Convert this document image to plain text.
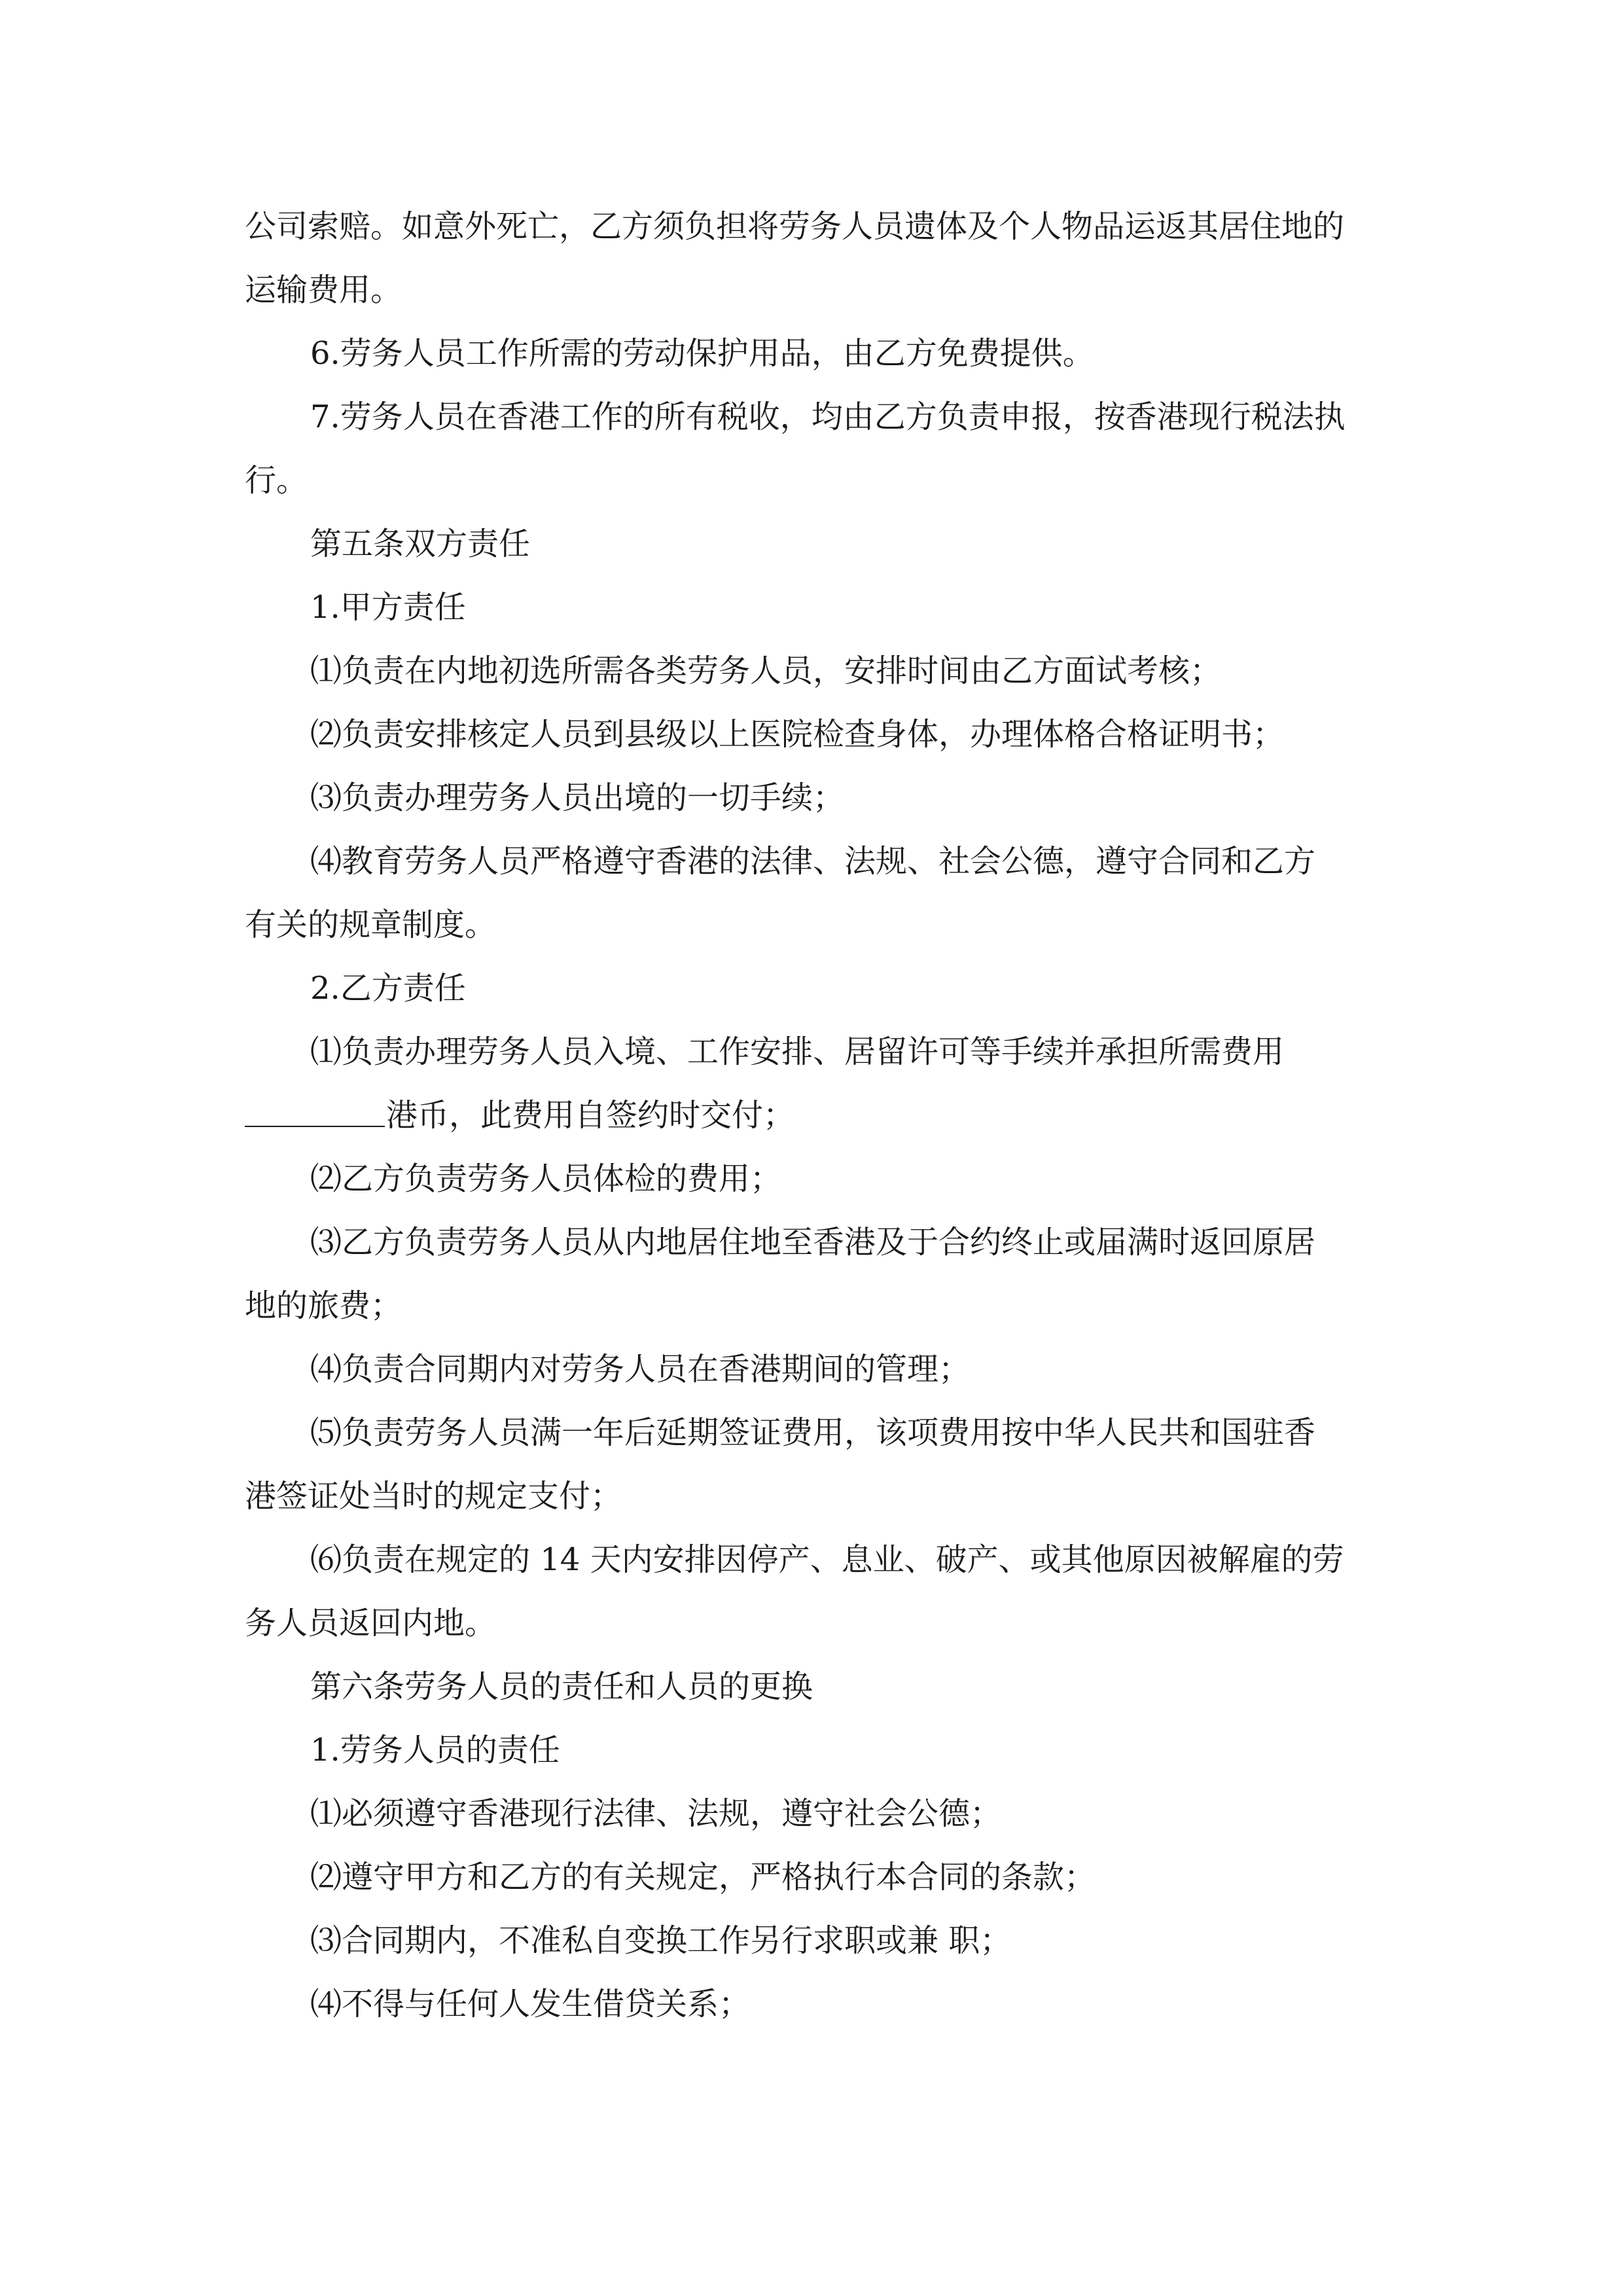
公司索赔。如意外死亡，乙方须负担将劳务人员遗体及个人物品运返其居住地的
运输费用。
6.劳务人员工作所需的劳动保护用品，由乙方免费提供。
7.劳务人员在香港工作的所有税收，均由乙方负责申报，按香港现行税法执
行。
第五条双方责任
1.甲方责任
⑴负责在内地初选所需各类劳务人员，安排时间由乙方面试考核；
⑵负责安排核定人员到县级以上医院检查身体，办理体格合格证明书；
⑶负责办理劳务人员出境的一切手续；
⑷教育劳务人员严格遵守香港的法律、法规、社会公德，遵守合同和乙方
有关的规章制度。
2.乙方责任
⑴负责办理劳务人员入境、工作安排、居留许可等手续并承担所需费用
港币，此费用自签约时交付；
⑵乙方负责劳务人员体检的费用；
⑶乙方负责劳务人员从内地居住地至香港及于合约终止或届满时返回原居
地的旅费；
⑷负责合同期内对劳务人员在香港期间的管理；
⑸负责劳务人员满一年后延期签证费用，该项费用按中华人民共和国驻香
港签证处当时的规定支付；
⑹负责在规定的 14 天内安排因停产、息业、破产、或其他原因被解雇的劳
务人员返回内地。
第六条劳务人员的责任和人员的更换
1.劳务人员的责任
⑴必须遵守香港现行法律、法规，遵守社会公德；
⑵遵守甲方和乙方的有关规定，严格执行本合同的条款；
⑶合同期内，不准私自变换工作另行求职或兼 职；
⑷不得与任何人发生借贷关系；
